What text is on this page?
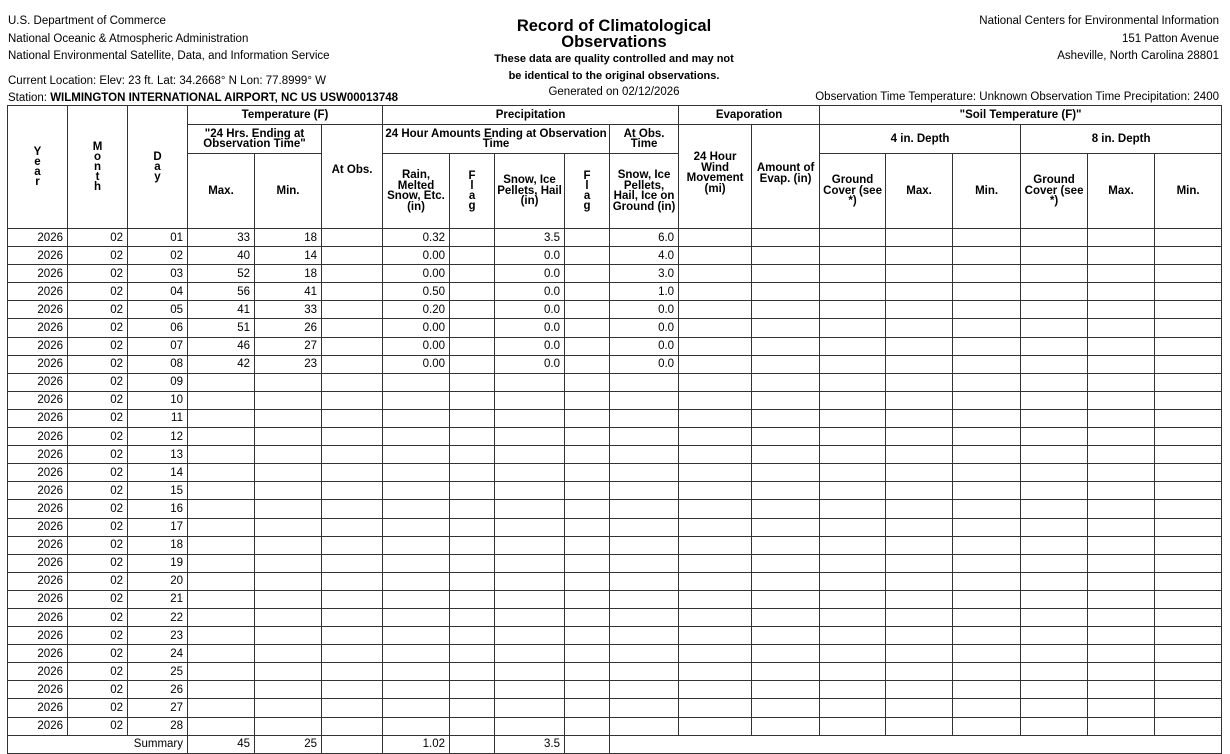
U.S. Department of Commerce
National Oceanic & Atmospheric Administration
National Environmental Satellite, Data, and Information Service
Current Location: Elev: 23 ft. Lat: 34.2668° N Lon: 77.8999° W
Station: WILMINGTON INTERNATIONAL AIRPORT, NC US USW00013748
Record of Climatological
Observations
These data are quality controlled and may not
be identical to the original observations.
Generated on 02/12/2026
National Centers for Environmental Information
151 Patton Avenue
Asheville, North Carolina 28801
Observation Time Temperature: Unknown Observation Time Precipitation: 2400
Y e a r	M o n t h	D a y	Temperature (F)			Precipitation					Evaporation		"Soil Temperature (F)"					
			"24 Hrs. Ending at Observation Time"		At Obs.	24 Hour Amounts Ending at Observation Time				At Obs. Time	24 Hour Wind Movement (mi)	Amount of Evap. (in)	4 in. Depth			8 in. Depth		
			Max.	Min.		Rain, Melted Snow, Etc. (in)	F l a g	Snow, Ice Pellets, Hail (in)	F l a g	Snow, Ice Pellets, Hail, Ice on Ground (in)			Ground Cover (see *)	Max.	Min.	Ground Cover (see *)	Max.	Min.
2026	02	01	33	18		0.32		3.5		6.0								
2026	02	02	40	14		0.00		0.0		4.0								
2026	02	03	52	18		0.00		0.0		3.0								
2026	02	04	56	41		0.50		0.0		1.0								
2026	02	05	41	33		0.20		0.0		0.0								
2026	02	06	51	26		0.00		0.0		0.0								
2026	02	07	46	27		0.00		0.0		0.0								
2026	02	08	42	23		0.00		0.0		0.0								
2026	02	09																
2026	02	10																
2026	02	11																
2026	02	12																
2026	02	13																
2026	02	14																
2026	02	15																
2026	02	16																
2026	02	17																
2026	02	18																
2026	02	19																
2026	02	20																
2026	02	21																
2026	02	22																
2026	02	23																
2026	02	24																
2026	02	25																
2026	02	26																
2026	02	27																
2026	02	28																
Summary			45	25		1.02		3.5										
